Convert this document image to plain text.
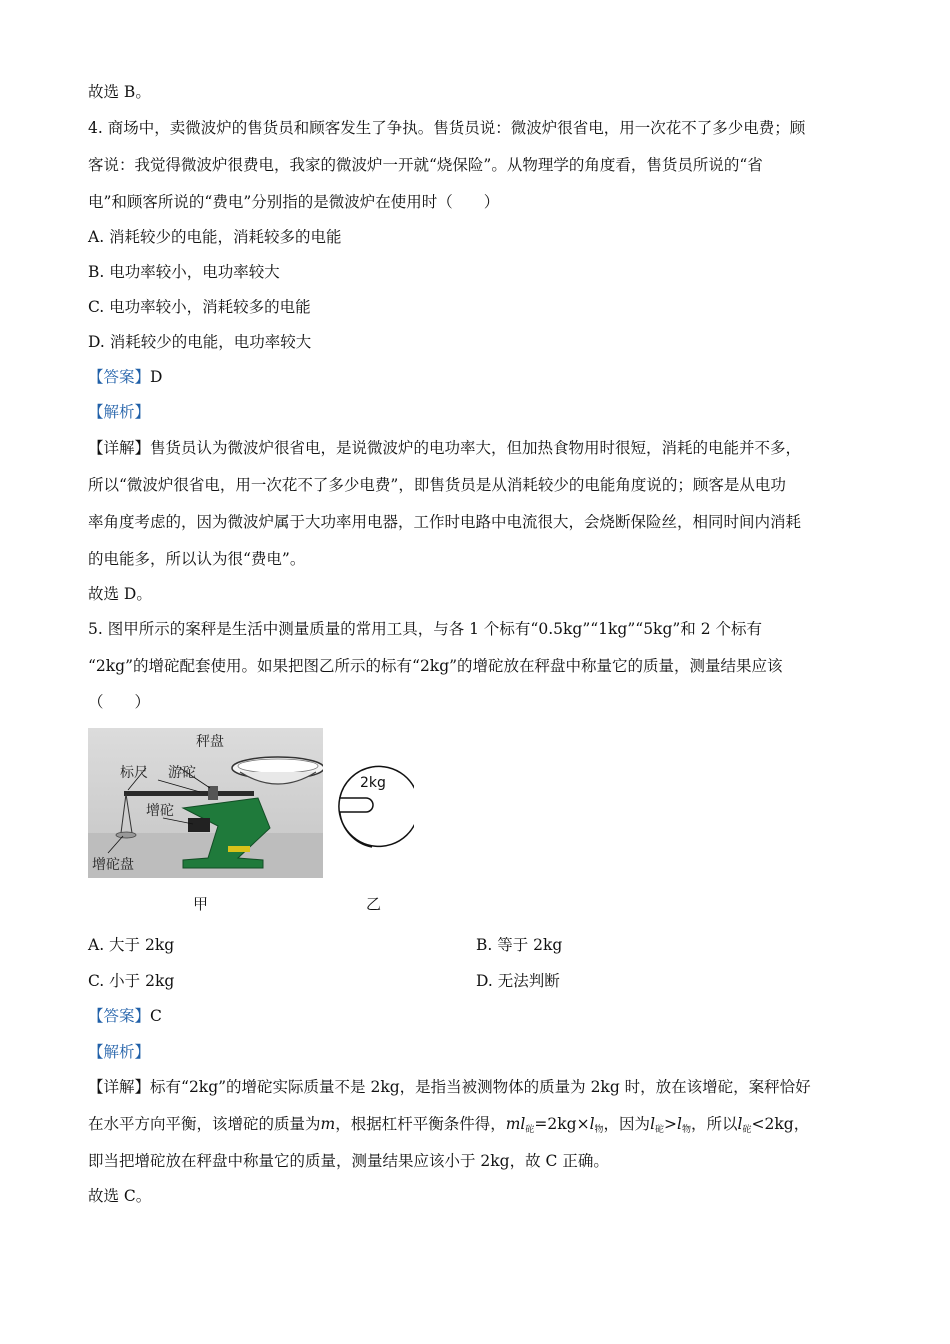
故选 B。
4. 商场中，卖微波炉的售货员和顾客发生了争执。售货员说：微波炉很省电，用一次花不了多少电费；顾
客说：我觉得微波炉很费电，我家的微波炉一开就“烧保险”。从物理学的角度看，售货员所说的“省
电”和顾客所说的“费电”分别指的是微波炉在使用时（　　）
A. 消耗较少的电能，消耗较多的电能
B. 电功率较小，电功率较大
C. 电功率较小，消耗较多的电能
D. 消耗较少的电能，电功率较大
【答案】D
【解析】
【详解】售货员认为微波炉很省电，是说微波炉的电功率大，但加热食物用时很短，消耗的电能并不多，
所以“微波炉很省电，用一次花不了多少电费”，即售货员是从消耗较少的电能角度说的；顾客是从电功
率角度考虑的，因为微波炉属于大功率用电器，工作时电路中电流很大，会烧断保险丝，相同时间内消耗
的电能多，所以认为很“费电”。
故选 D。
5. 图甲所示的案秤是生活中测量质量的常用工具，与各 1 个标有“0.5kg”“1kg”“5kg”和 2 个标有
“2kg”的增砣配套使用。如果把图乙所示的标有“2kg”的增砣放在秤盘中称量它的质量，测量结果应该
（　　）
秤盘
标尺 游砣
增砣
增砣盘
2kg
甲	乙
A. 大于 2kg	B. 等于 2kg
C. 小于 2kg	D. 无法判断
【答案】C
【解析】
【详解】标有“2kg”的增砣实际质量不是 2kg，是指当被测物体的质量为 2kg 时，放在该增砣，案秤恰好
在水平方向平衡，该增砣的质量为m，根据杠杆平衡条件得，$ml_砣=2kg\times l_物$，因为$l_砣>l_物$，所以$l_砣<2kg$，
即当把增砣放在秤盘中称量它的质量，测量结果应该小于 2kg，故 C 正确。
故选 C。
